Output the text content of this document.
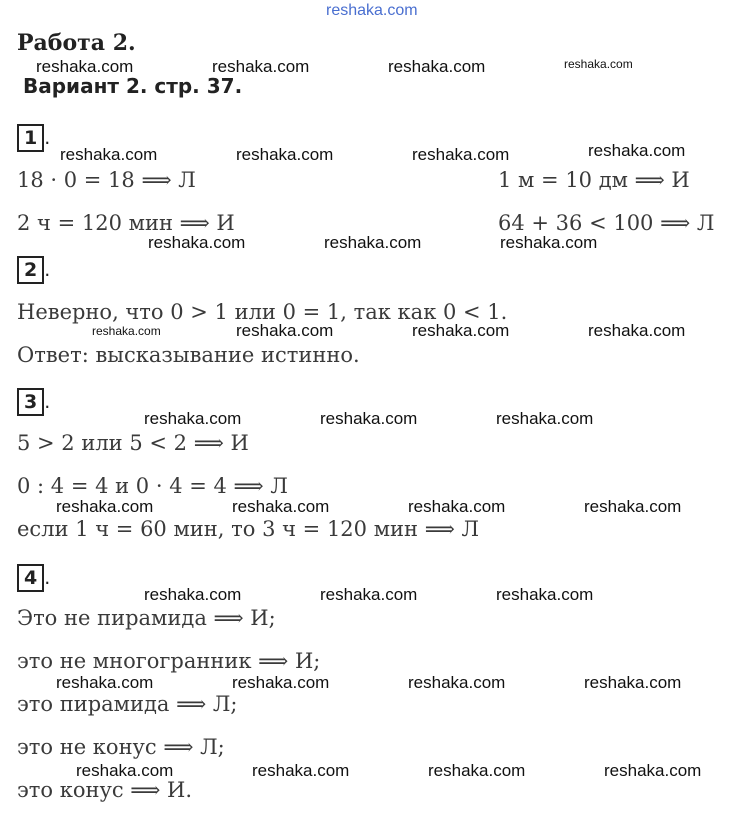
reshaka.com
Работа 2.
Вариант 2. стр. 37.
1 .
18 · 0 = 18 ⟹ Л	1 м = 10 дм ⟹ И
2 ч = 120 мин ⟹ И	64 + 36 < 100 ⟹ Л
2 .
Неверно, что 0 > 1 или 0 = 1, так как 0 < 1.
Ответ: высказывание истинно.
3 .
5 > 2 или 5 < 2 ⟹ И
0 : 4 = 4 и 0 · 4 = 4 ⟹ Л
если 1 ч = 60 мин, то 3 ч = 120 мин ⟹ Л
4 .
Это не пирамида ⟹ И;
это не многогранник ⟹ И;
это пирамида ⟹ Л;
это не конус ⟹ Л;
это конус ⟹ И.
reshaka.com	reshaka.com	reshaka.com	reshaka.com
reshaka.com	reshaka.com	reshaka.com	reshaka.com
reshaka.com	reshaka.com	reshaka.com
reshaka.com	reshaka.com	reshaka.com	reshaka.com
reshaka.com	reshaka.com	reshaka.com
reshaka.com	reshaka.com	reshaka.com	reshaka.com
reshaka.com	reshaka.com	reshaka.com
reshaka.com	reshaka.com	reshaka.com	reshaka.com
reshaka.com	reshaka.com	reshaka.com	reshaka.com
